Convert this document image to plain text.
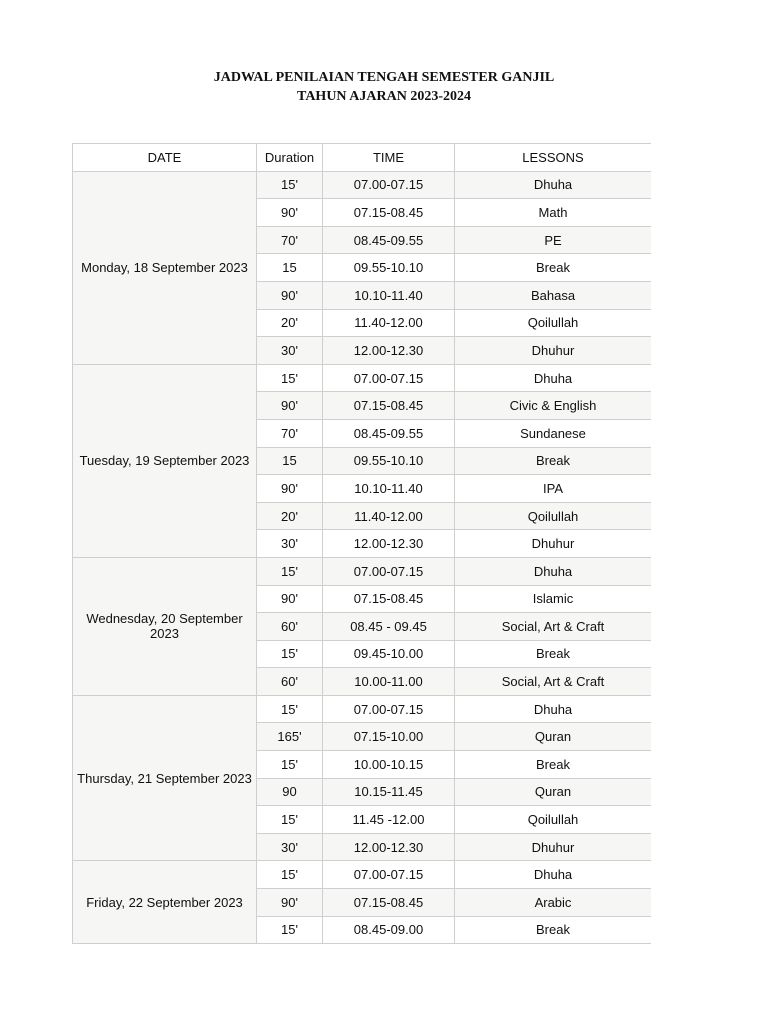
JADWAL PENILAIAN TENGAH SEMESTER GANJIL
TAHUN AJARAN 2023-2024
DATE	Duration	TIME	LESSONS
Monday, 18 September 2023	15'	07.00-07.15	Dhuha
	90'	07.15-08.45	Math
	70'	08.45-09.55	PE
	15	09.55-10.10	Break
	90'	10.10-11.40	Bahasa
	20'	11.40-12.00	Qoilullah
	30'	12.00-12.30	Dhuhur
Tuesday, 19 September 2023	15'	07.00-07.15	Dhuha
	90'	07.15-08.45	Civic & English
	70'	08.45-09.55	Sundanese
	15	09.55-10.10	Break
	90'	10.10-11.40	IPA
	20'	11.40-12.00	Qoilullah
	30'	12.00-12.30	Dhuhur
Wednesday, 20 September 2023	15'	07.00-07.15	Dhuha
	90'	07.15-08.45	Islamic
	60'	08.45 - 09.45	Social, Art & Craft
	15'	09.45-10.00	Break
	60'	10.00-11.00	Social, Art & Craft
Thursday, 21 September 2023	15'	07.00-07.15	Dhuha
	165'	07.15-10.00	Quran
	15'	10.00-10.15	Break
	90	10.15-11.45	Quran
	15'	11.45 -12.00	Qoilullah
	30'	12.00-12.30	Dhuhur
Friday, 22 September 2023	15'	07.00-07.15	Dhuha
	90'	07.15-08.45	Arabic
	15'	08.45-09.00	Break
